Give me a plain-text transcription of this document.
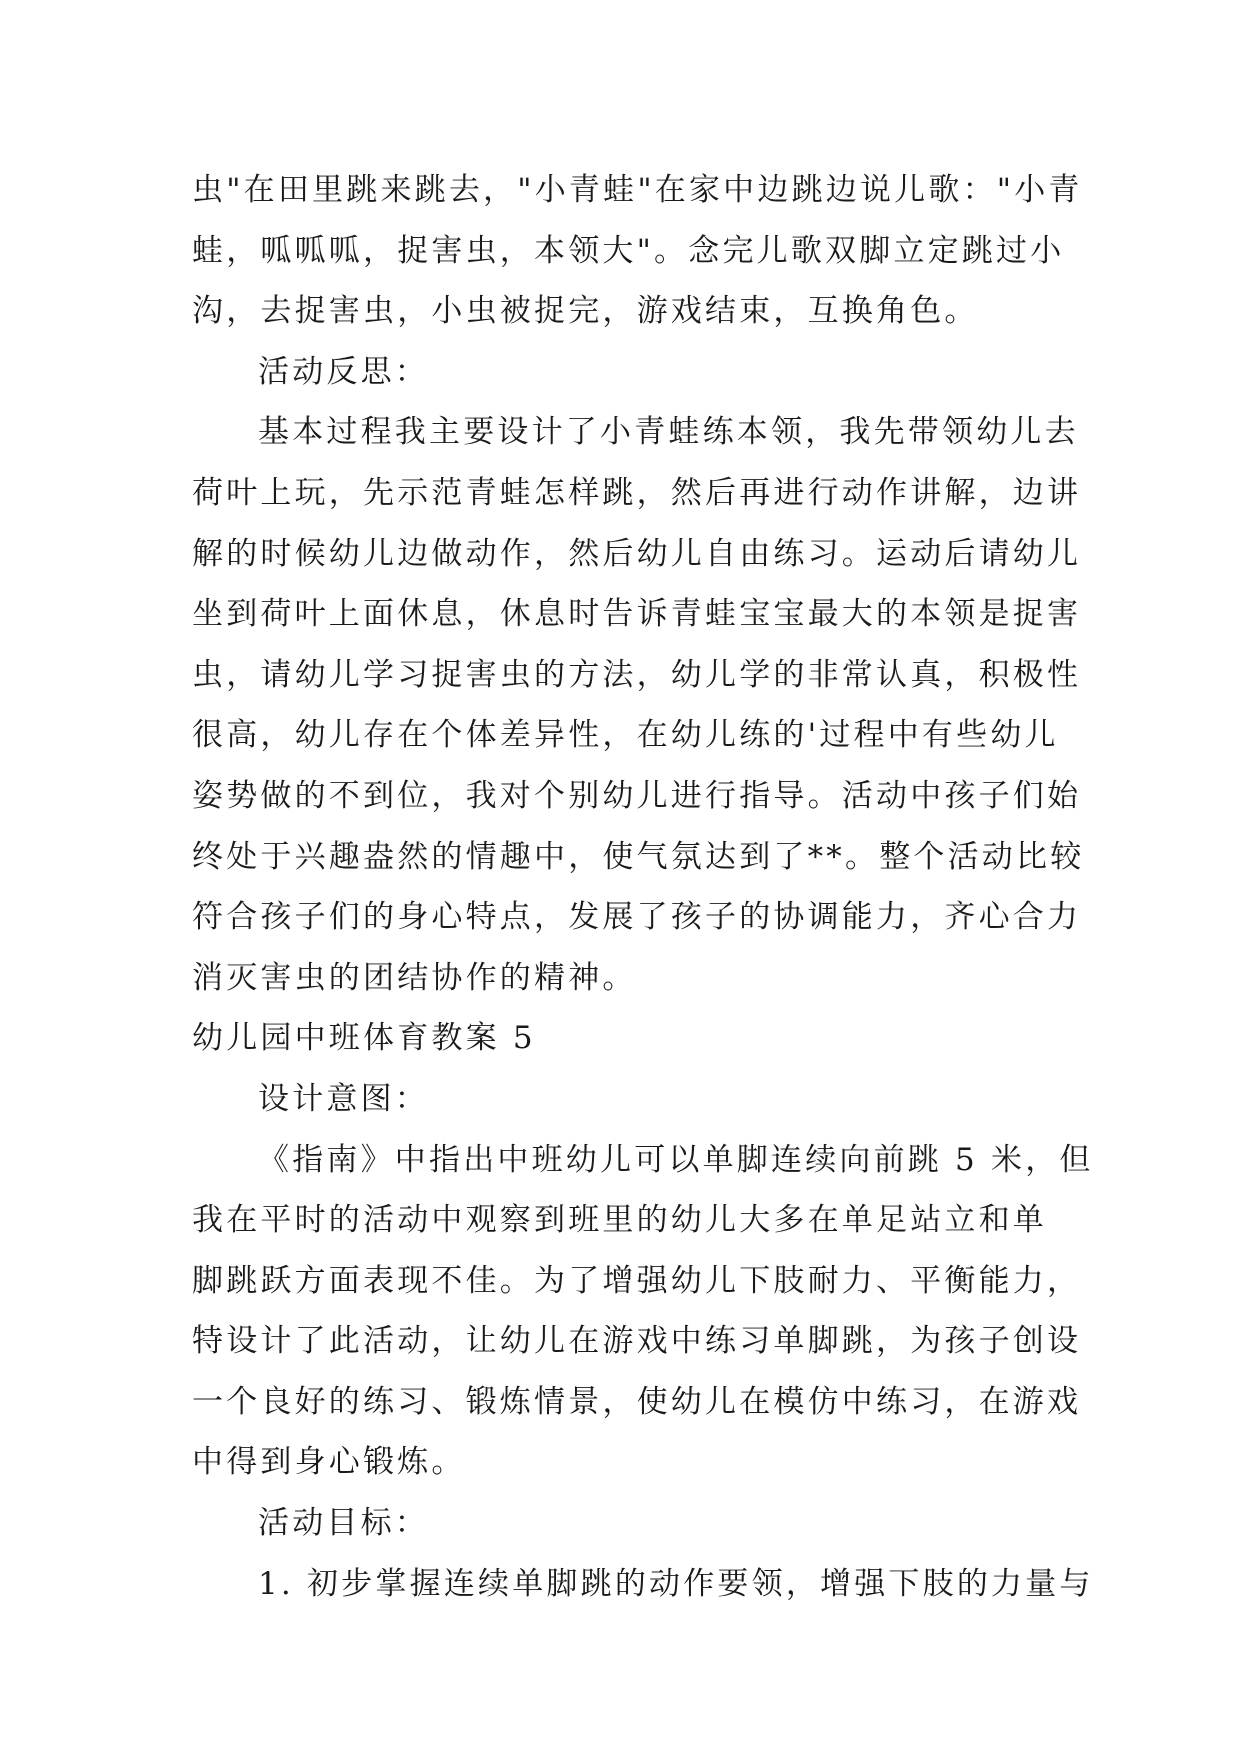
虫"在田里跳来跳去，"小青蛙"在家中边跳边说儿歌："小青
蛙，呱呱呱，捉害虫，本领大"。念完儿歌双脚立定跳过小
沟，去捉害虫，小虫被捉完，游戏结束，互换角色。
活动反思：
基本过程我主要设计了小青蛙练本领，我先带领幼儿去
荷叶上玩，先示范青蛙怎样跳，然后再进行动作讲解，边讲
解的时候幼儿边做动作，然后幼儿自由练习。运动后请幼儿
坐到荷叶上面休息，休息时告诉青蛙宝宝最大的本领是捉害
虫，请幼儿学习捉害虫的方法，幼儿学的非常认真，积极性
很高，幼儿存在个体差异性，在幼儿练的'过程中有些幼儿
姿势做的不到位，我对个别幼儿进行指导。活动中孩子们始
终处于兴趣盎然的情趣中，使气氛达到了**。整个活动比较
符合孩子们的身心特点，发展了孩子的协调能力，齐心合力
消灭害虫的团结协作的精神。
幼儿园中班体育教案 5
设计意图：
《指南》中指出中班幼儿可以单脚连续向前跳 5 米，但
我在平时的活动中观察到班里的幼儿大多在单足站立和单
脚跳跃方面表现不佳。为了增强幼儿下肢耐力、平衡能力，
特设计了此活动，让幼儿在游戏中练习单脚跳，为孩子创设
一个良好的练习、锻炼情景，使幼儿在模仿中练习，在游戏
中得到身心锻炼。
活动目标：
1. 初步掌握连续单脚跳的动作要领，增强下肢的力量与
